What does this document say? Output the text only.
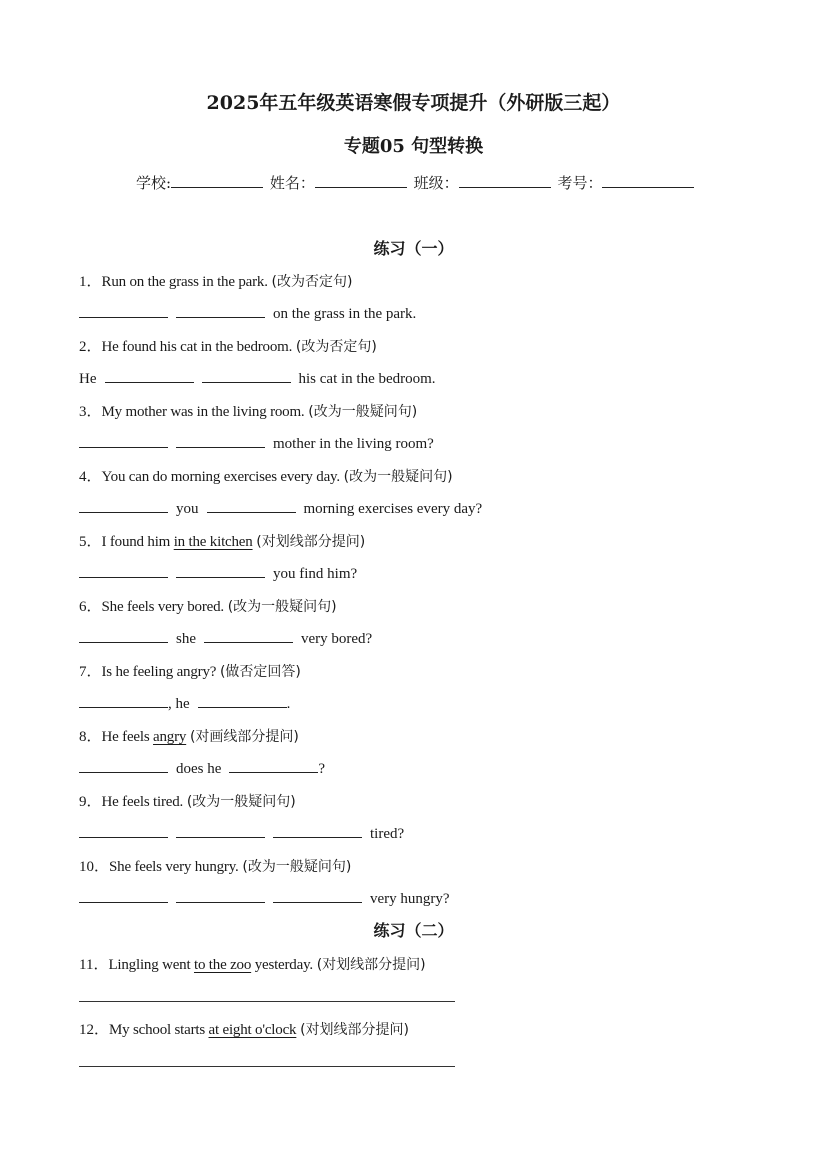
2025年五年级英语寒假专项提升（外研版三起）
专题05 句型转换
学校:	姓名：	班级：	考号：
练习（一）
1．Run on the grass in the park. (改为否定句)
on the grass in the park.
2．He found his cat in the bedroom. (改为否定句)
He	his cat in the bedroom.
3．My mother was in the living room. (改为一般疑问句)
mother in the living room?
4．You can do morning exercises every day. (改为一般疑问句)
you	morning exercises every day?
5．I found him in the kitchen (对划线部分提问)
you find him?
6．She feels very bored. (改为一般疑问句)
she	very bored?
7．Is he feeling angry? (做否定回答)
, he	.
8．He feels angry (对画线部分提问)
does he	?
9．He feels tired. (改为一般疑问句)
tired?
10．She feels very hungry. (改为一般疑问句)
very hungry?
练习（二）
11．Lingling went to the zoo yesterday. (对划线部分提问)
12．My school starts at eight o'clock (对划线部分提问)
